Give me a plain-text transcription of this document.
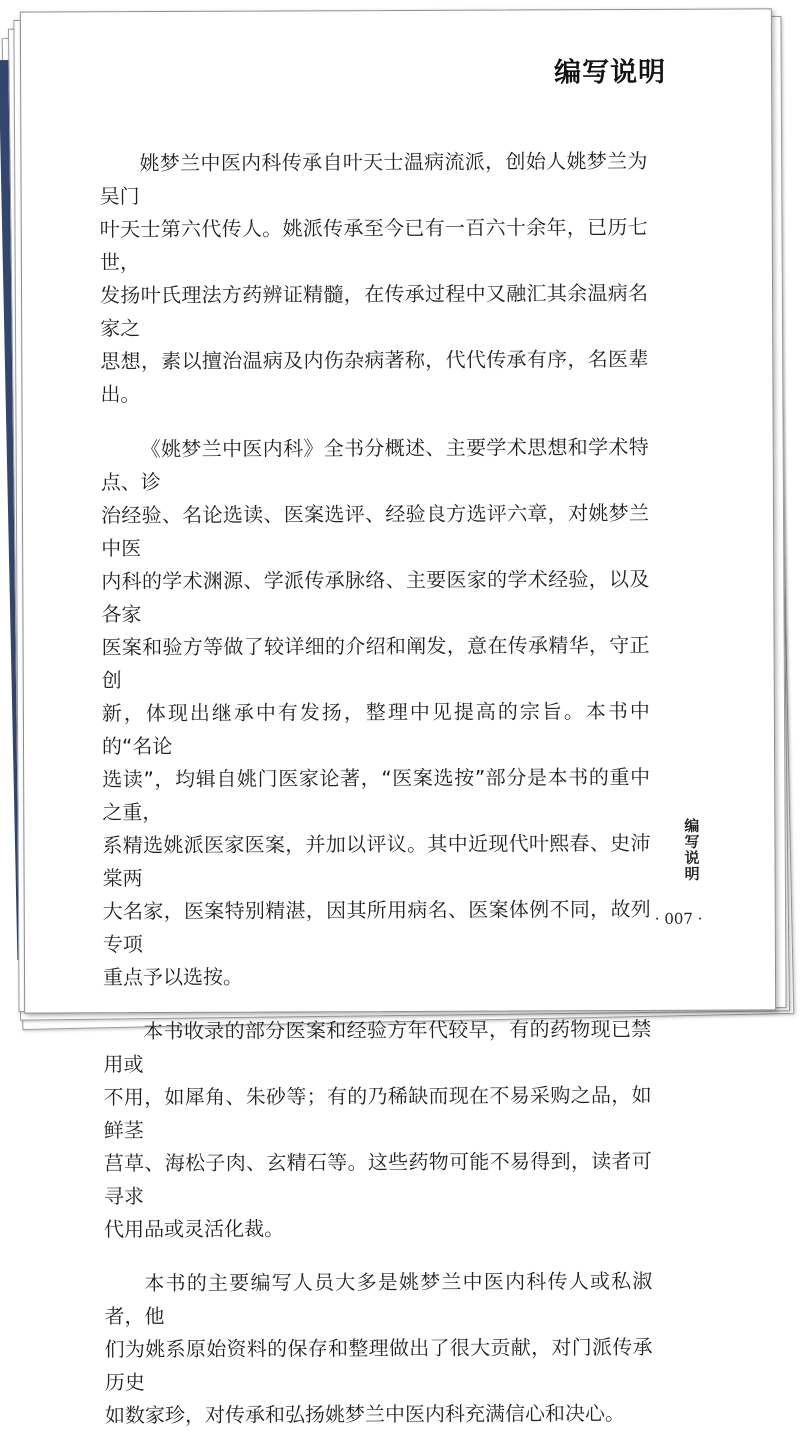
编写说明

姚梦兰中医内科传承自叶天士温病流派，创始人姚梦兰为吴门
叶天士第六代传人。姚派传承至今已有一百六十余年，已历七世，
发扬叶氏理法方药辨证精髓，在传承过程中又融汇其余温病名家之
思想，素以擅治温病及内伤杂病著称，代代传承有序，名医辈出。

《姚梦兰中医内科》全书分概述、主要学术思想和学术特点、诊
治经验、名论选读、医案选评、经验良方选评六章，对姚梦兰中医
内科的学术渊源、学派传承脉络、主要医家的学术经验，以及各家
医案和验方等做了较详细的介绍和阐发，意在传承精华，守正创
新，体现出继承中有发扬，整理中见提高的宗旨。本书中的“名论
选读”，均辑自姚门医家论著，“医案选按”部分是本书的重中之重，
系精选姚派医家医案，并加以评议。其中近现代叶熙春、史沛棠两
大名家，医案特别精湛，因其所用病名、医案体例不同，故列专项
重点予以选按。

本书收录的部分医案和经验方年代较早，有的药物现已禁用或
不用，如犀角、朱砂等；有的乃稀缺而现在不易采购之品，如鲜茎
莒草、海松子肉、玄精石等。这些药物可能不易得到，读者可寻求
代用品或灵活化裁。

本书的主要编写人员大多是姚梦兰中医内科传人或私淑者，他
们为姚系原始资料的保存和整理做出了很大贡献，对门派传承历史
如数家珍，对传承和弘扬姚梦兰中医内科充满信心和决心。

编写说明
· 007 ·
